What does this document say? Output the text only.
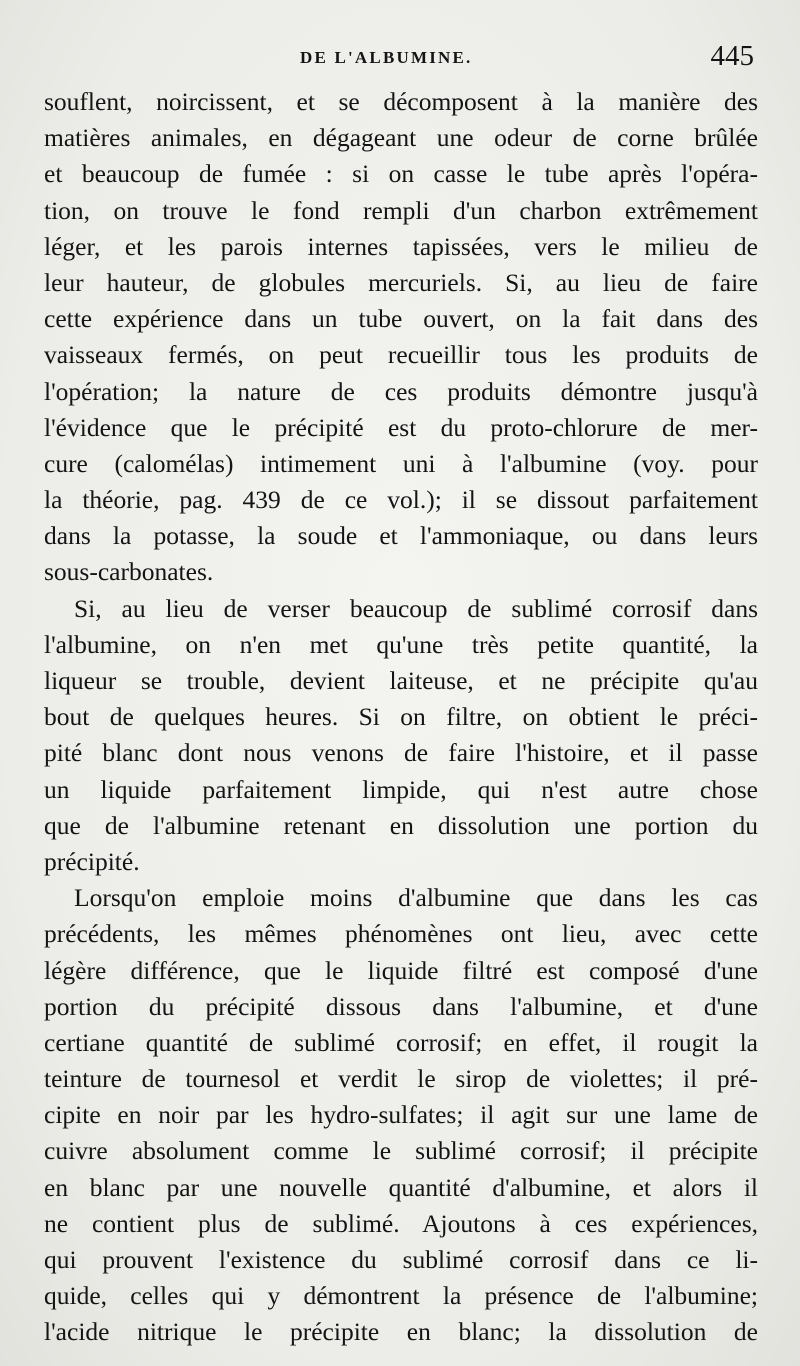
DE L'ALBUMINE.	445
souflent, noircissent, et se décomposent à la manière des
matières animales, en dégageant une odeur de corne brûlée
et beaucoup de fumée : si on casse le tube après l'opéra-
tion, on trouve le fond rempli d'un charbon extrêmement
léger, et les parois internes tapissées, vers le milieu de
leur hauteur, de globules mercuriels. Si, au lieu de faire
cette expérience dans un tube ouvert, on la fait dans des
vaisseaux fermés, on peut recueillir tous les produits de
l'opération; la nature de ces produits démontre jusqu'à
l'évidence que le précipité est du proto-chlorure de mer-
cure (calomélas) intimement uni à l'albumine (voy. pour
la théorie, pag. 439 de ce vol.); il se dissout parfaitement
dans la potasse, la soude et l'ammoniaque, ou dans leurs
sous-carbonates.
Si, au lieu de verser beaucoup de sublimé corrosif dans
l'albumine, on n'en met qu'une très petite quantité, la
liqueur se trouble, devient laiteuse, et ne précipite qu'au
bout de quelques heures. Si on filtre, on obtient le préci-
pité blanc dont nous venons de faire l'histoire, et il passe
un liquide parfaitement limpide, qui n'est autre chose
que de l'albumine retenant en dissolution une portion du
précipité.
Lorsqu'on emploie moins d'albumine que dans les cas
précédents, les mêmes phénomènes ont lieu, avec cette
légère différence, que le liquide filtré est composé d'une
portion du précipité dissous dans l'albumine, et d'une
certiane quantité de sublimé corrosif; en effet, il rougit la
teinture de tournesol et verdit le sirop de violettes; il pré-
cipite en noir par les hydro-sulfates; il agit sur une lame de
cuivre absolument comme le sublimé corrosif; il précipite
en blanc par une nouvelle quantité d'albumine, et alors il
ne contient plus de sublimé. Ajoutons à ces expériences,
qui prouvent l'existence du sublimé corrosif dans ce li-
quide, celles qui y démontrent la présence de l'albumine;
l'acide nitrique le précipite en blanc; la dissolution de
